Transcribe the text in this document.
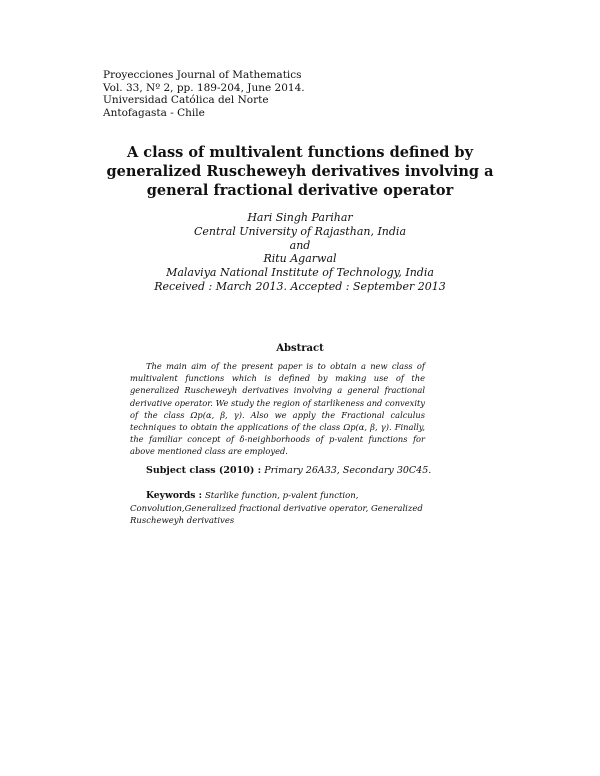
Proyecciones Journal of Mathematics
Vol. 33, Nº 2, pp. 189-204, June 2014.
Universidad Católica del Norte
Antofagasta - Chile
A class of multivalent functions defined by generalized Ruscheweyh derivatives involving a general fractional derivative operator
Hari Singh Parihar
Central University of Rajasthan, India
and
Ritu Agarwal
Malaviya National Institute of Technology, India
Received : March 2013. Accepted : September 2013
Abstract
The main aim of the present paper is to obtain a new class of multivalent functions which is defined by making use of the generalized Ruscheweyh derivatives involving a general fractional derivative operator. We study the region of starlikeness and convexity of the class Ωp(α, β, γ). Also we apply the Fractional calculus techniques to obtain the applications of the class Ωp(α, β, γ). Finally, the familiar concept of δ-neighborhoods of p-valent functions for above mentioned class are employed.
Subject class (2010) : Primary 26A33, Secondary 30C45.
Keywords : Starlike function, p-valent function, Convolution,Generalized fractional derivative operator, Generalized Ruscheweyh derivatives
